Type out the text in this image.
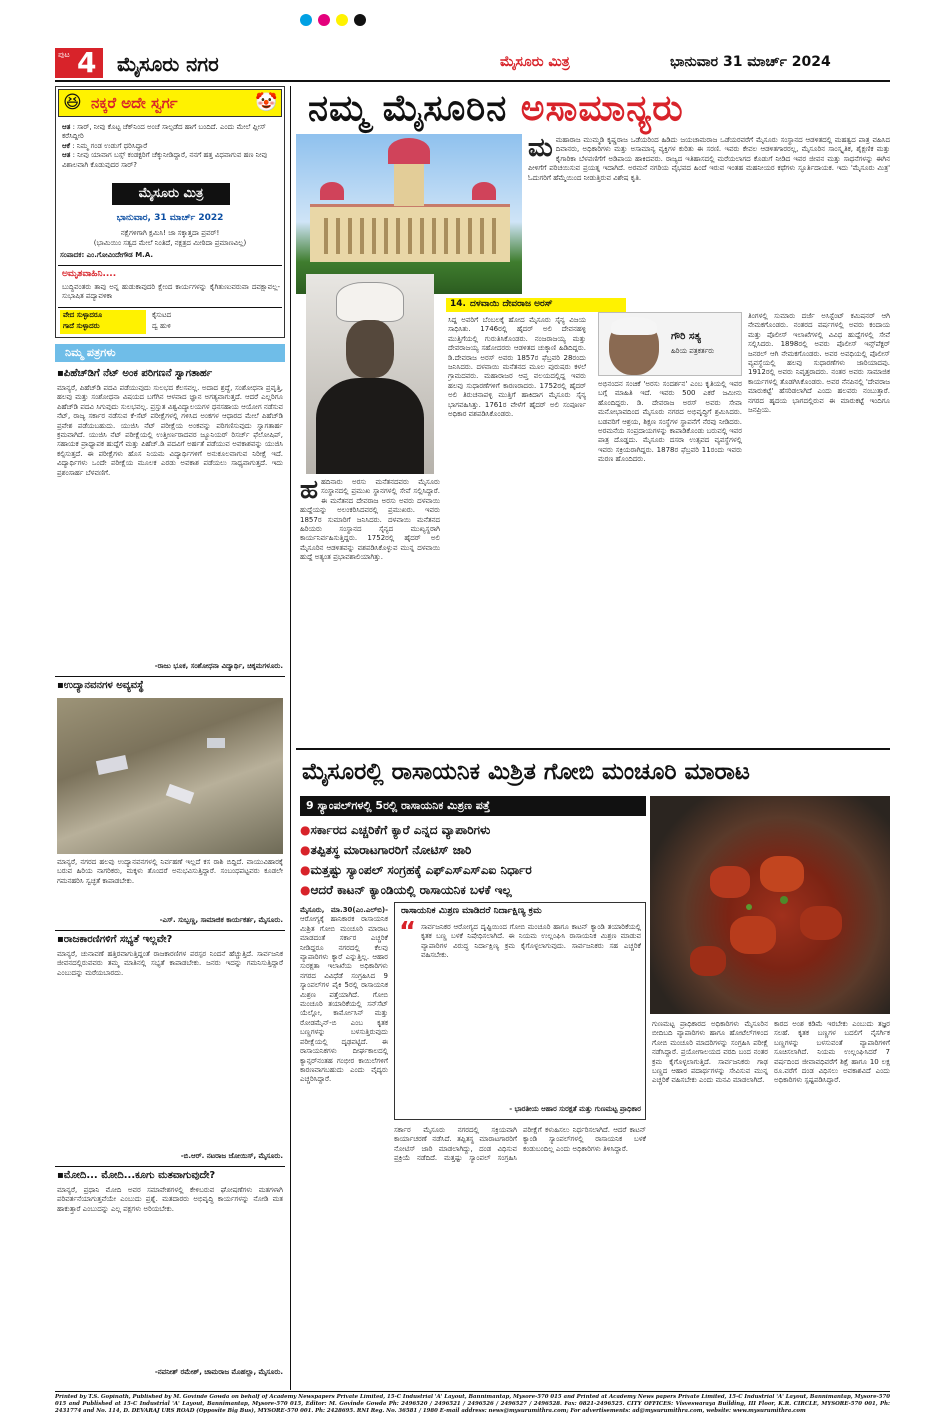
ಪುಟ 4 ಮೈಸೂರು ನಗರ	ಮೈಸೂರು ಮಿತ್ರ	ಭಾನುವಾರ 31 ಮಾರ್ಚ್ 2024
😆 ನಕ್ಕರೆ ಅದೇ ಸ್ವರ್ಗ	🤡
ಆತ : ಸಾರ್, ನೀವು ಕೊಟ್ಟ ಚೆಕ್‌ನಿಂದ ಅಂಚೆ ಸಾಲ್ಪಡೆದ ಹಾಗೆ ಬಂದಿದೆ. ಎಂದು ಮೇಲೆ ಪ್ಲೀಸ್ ಕರೆಸಿದ್ದೀರಿ
ಆಕೆ : ನಿಮ್ಮ ಗಂಡ ಉಡುಗೆ ಧರಿಸಿದ್ದಾರೆ
ಆತ : ನೀವು ಯಾವಾಗ ಬಸ್ಸ್ ಕಂಡಕ್ಟರಿಗೆ ಚೆಕ್ಕುನೀಡಿದ್ದಾರೆ, ನನಗೆ ಹತ್ತ ವಿಧವಾಗುವ ಹಣ ನೀವು ವಿಶಾಲವಾಗಿ ಕೊಡುವುದರ ಸಾರ್?
ಮೈಸೂರು ಮಿತ್ರ
ಭಾನುವಾರ, 31 ಮಾರ್ಚ್ 2022
ನಕ್ಷೆಗಳಿಗಾಗಿ ಕ್ಷಮಿಸಿ! ಜಾ ಸಕ್ಕಾತ್ತದಾ ಪ್ರವರ್!
(ಭಾಮಿಯಿಂ ಸತ್ವದ ಮೇಲೆ ನಿಂತಿದೆ, ನಕ್ಷತ್ರದ ಮೀಠಿದಾ ಪ್ರಮಾಣವಿಲ್ಲ)
ಸಂಪಾದಕ: ಎಂ.ಗೋವಿಂದೇಗೌಡ M.A.
ಅಮೃತವಾಹಿನಿ....
ಬುದ್ಧಿವಂತರು ತಾವು ಅನ್ನ ಹುಡುಕಾವುದರಿ ಕ್ಷೇಂದ ಕಾರ್ಯಗಳನ್ನು ಕೈಗಿತುಣುವರುವಾ ದವಕ್ಷಾವಲ್ಲ-ಸುಭಾಷಿತ ಪದ್ಯಾವಳಿಕಾ
ವೇದ ಸುಳ್ಳಾದರೂ
ಗಾದೆ ಸುಳ್ಳಾದರು
ಕೈಸುಟದ
ದ್ವ ಹುಳಿ
ನಿಮ್ಮ ಪತ್ರಗಳು
▪ಪಿಹೆಚ್‌ಡಿಗೆ ನೆಟ್ ಅಂಕ ಪರಿಗಣನೆ ಸ್ವಾಗತಾರ್ಹ
ಮಾನ್ಯರೆ, ಪಿಹೆಚ್‌ಡಿ ಪದವಿ ಪಡೆಯುವುದು ಸುಲಭದ ಕೆಲಸವಲ್ಲ. ಅದಾದ ಶ್ರದ್ಧೆ, ಸಂಶೋಧನಾ ಪ್ರವೃತ್ತಿ, ಹಲವು ಮತ್ತು ಸಂಶೋಧನಾ ವಿಷಯದ ಬಗೆಗಿನ ಆಳವಾದ ಜ್ಞಾನ ಅಗತ್ಯವಾಗುತ್ತದೆ. ಆದರೆ ಎಲ್ಲರಿಗೂ ಪಿಹೆಚ್‌ಡಿ ಪದವಿ ಸಿಗುವುದು ಸುಲಭವಲ್ಲ. ಪ್ರಸ್ತುತ ವಿಶ್ವವಿದ್ಯಾಲಯಗಳ ಧನಸಹಾಯ ಆಯೋಗ ನಡೆಸುವ ನೆಟ್, ರಾಜ್ಯ ಸರ್ಕಾರ ನಡೆಸುವ ಕೆ-ಸೆಟ್ ಪರೀಕ್ಷೆಗಳಲ್ಲಿ ಗಳಿಸಿದ ಅಂಕಗಳ ಆಧಾರದ ಮೇಲೆ ಪಿಹೆಚ್‌ಡಿ ಪ್ರವೇಶ ಪಡೆಯಬಹುದು. ಯುಜಿಸಿ ನೆಟ್ ಪರೀಕ್ಷೆಯ ಅಂಕವನ್ನು ಪರಿಗಣಿಸುವುದು ಸ್ವಾಗತಾರ್ಹ ಕ್ರಮವಾಗಿದೆ. ಯುಜಿಸಿ ನೆಟ್ ಪರೀಕ್ಷೆಯಲ್ಲಿ ಉತ್ತೀರ್ಣರಾದವರ ಜ್ಯೂನಿಯರ್ ರಿಸರ್ಚ್ ಫೆಲೋಷಿಪ್, ಸಹಾಯಕ ಪ್ರಾಧ್ಯಾಪಕ ಹುದ್ದೆಗೆ ಮತ್ತು ಪಿಹೆಚ್.ಡಿ ಪದವಿಗೆ ಅರ್ಹತೆ ಪಡೆಯುವ ಅವಕಾಶವನ್ನು ಯುಜಿಸಿ ಕಲ್ಪಿಸುತ್ತದೆ. ಈ ಪರೀಕ್ಷೆಗಳು ಹೊಸ ನಿಯಮ ವಿದ್ಯಾರ್ಥಿಗಳಿಗೆ ಅನುಕೂಲವಾಗುವ ನಿರೀಕ್ಷೆ ಇದೆ. ವಿದ್ಯಾರ್ಥಿಗಳು ಒಂದೇ ಪರೀಕ್ಷೆಯ ಮೂಲಕ ಎರಡು ಅವಕಾಶ ಪಡೆಯಲು ಸಾಧ್ಯವಾಗುತ್ತದೆ. ಇದು ಪ್ರಶಂಸಾರ್ಹ ಬೆಳವಣಿಗೆ.
-ರಾಜು ಭೂಕ, ಸಂಶೋಧನಾ ವಿದ್ಯಾರ್ಥಿ, ಚಿಕ್ಕಮಗಳೂರು.
▪ಉದ್ಯಾನವನಗಳ ಅವ್ಯವಸ್ಥೆ
ಮಾನ್ಯರೆ, ನಗರದ ಹಲವು ಉದ್ಯಾನವನಗಳಲ್ಲಿ ನಿರ್ವಹಣೆ ಇಲ್ಲದೆ ಕಸ ರಾಶಿ ಬಿದ್ದಿದೆ. ವಾಯುವಿಹಾರಕ್ಕೆ ಬರುವ ಹಿರಿಯ ನಾಗರಿಕರು, ಮಕ್ಕಳು ತೊಂದರೆ ಅನುಭವಿಸುತ್ತಿದ್ದಾರೆ. ಸಂಬಂಧಪಟ್ಟವರು ಕೂಡಲೇ ಗಮನಹರಿಸಿ ಸ್ವಚ್ಛತೆ ಕಾಪಾಡಬೇಕು.
-ಎಸ್. ಸುಬ್ಬಣ್ಣ, ಸಾಮಾಜಿಕ ಕಾರ್ಯಕರ್ತ, ಮೈಸೂರು.
▪ರಾಜಕಾರಣಿಗಳಿಗೆ ಸಭ್ಯತೆ ಇಲ್ಲವೇ?
ಮಾನ್ಯರೆ, ಚುನಾವಣೆ ಹತ್ತಿರವಾಗುತ್ತಿದ್ದಂತೆ ರಾಜಕಾರಣಿಗಳ ಪರಸ್ಪರ ನಿಂದನೆ ಹೆಚ್ಚುತ್ತಿದೆ. ಸಾರ್ವಜನಿಕ ಜೀವನದಲ್ಲಿರುವವರು ತಮ್ಮ ಮಾತಿನಲ್ಲಿ ಸಭ್ಯತೆ ಕಾಪಾಡಬೇಕು. ಜನರು ಇದನ್ನು ಗಮನಿಸುತ್ತಿದ್ದಾರೆ ಎಂಬುದನ್ನು ಮರೆಯಬಾರದು.
-ಬಿ.ಆರ್. ನಟರಾಜ ಜೋಯಿಸ್, ಮೈಸೂರು.
▪ಮೋದಿ... ಮೋದಿ...ಕೂಗು ಮತವಾಗುವುದೇ?
ಮಾನ್ಯರೆ, ಪ್ರಧಾನಿ ಮೋದಿ ಅವರ ಸಮಾವೇಶಗಳಲ್ಲಿ ಕೇಳಿಬರುವ ಘೋಷಣೆಗಳು ಮತಗಳಾಗಿ ಪರಿವರ್ತನೆಯಾಗುತ್ತವೆಯೇ ಎಂಬುದು ಪ್ರಶ್ನೆ. ಮತದಾರರು ಅಭಿವೃದ್ಧಿ ಕಾರ್ಯಗಳನ್ನು ನೋಡಿ ಮತ ಹಾಕುತ್ತಾರೆ ಎಂಬುದನ್ನು ಎಲ್ಲ ಪಕ್ಷಗಳು ಅರಿಯಬೇಕು.
-ನವನೀತ್ ರಮೇಶ್, ಚಾಮರಾಜ ಮೊಹಲ್ಲಾ, ಮೈಸೂರು.
ನಮ್ಮ ಮೈಸೂರಿನ ಅಸಾಮಾನ್ಯರು
ಮಮಹಾರಾಜ ಮುಮ್ಮಡಿ ಕೃಷ್ಣರಾಜ ಒಡೆಯರಿಂದ ಹಿಡಿದು ಜಯಚಾಮರಾಜ ಒಡೆಯರವರೆಗೆ ಮೈಸೂರು ಸಂಸ್ಥಾನದ ಆಡಳಿತದಲ್ಲಿ ಮಹತ್ವದ ಪಾತ್ರ ವಹಿಸಿದ ದಿವಾನರು, ಅಧಿಕಾರಿಗಳು ಮತ್ತು ಅಸಾಮಾನ್ಯ ವ್ಯಕ್ತಿಗಳ ಕುರಿತು ಈ ಸರಣಿ. ಇವರು ಕೇವಲ ಆಡಳಿತಗಾರರಲ್ಲ, ಮೈಸೂರಿನ ಸಾಂಸ್ಕೃತಿಕ, ಶೈಕ್ಷಣಿಕ ಮತ್ತು ಕೈಗಾರಿಕಾ ಬೆಳವಣಿಗೆಗೆ ಅಡಿಪಾಯ ಹಾಕಿದವರು. ರಾಜ್ಯದ ಇತಿಹಾಸದಲ್ಲಿ ಮರೆಯಲಾಗದ ಕೊಡುಗೆ ನೀಡಿದ ಇವರ ಜೀವನ ಮತ್ತು ಸಾಧನೆಗಳನ್ನು ಈಗಿನ ಪೀಳಿಗೆಗೆ ಪರಿಚಯಿಸುವ ಪ್ರಯತ್ನ ಇದಾಗಿದೆ. ಅರಮನೆ ನಗರಿಯ ವೈಭವದ ಹಿಂದೆ ಇರುವ ಇಂತಹ ಮಹನೀಯರ ಕಥೆಗಳು ಸ್ಫೂರ್ತಿದಾಯಕ. ಇದು 'ಮೈಸೂರು ಮಿತ್ರ' ಓದುಗರಿಗೆ ಹೆಮ್ಮೆಯಿಂದ ನೀಡುತ್ತಿರುವ ವಿಶೇಷ ಕೃತಿ.
14. ದಳವಾಯಿ ದೇವರಾಜ ಅರಸ್
ಹಹದಿನಾರು ಅರಸು ಮನೆತನದವರು ಮೈಸೂರು ಸಂಸ್ಥಾನದಲ್ಲಿ ಪ್ರಮುಖ ಸ್ಥಾನಗಳಲ್ಲಿ ಸೇವೆ ಸಲ್ಲಿಸಿದ್ದಾರೆ. ಈ ಮನೆತನದ ದೇವರಾಜ ಅರಸು ಅವರು ದಳವಾಯಿ ಹುದ್ದೆಯನ್ನು ಅಲಂಕರಿಸಿದವರಲ್ಲಿ ಪ್ರಮುಖರು. ಇವರು 1857ರ ಸುಮಾರಿಗೆ ಜನಿಸಿದರು. ದಳವಾಯಿ ಮನೆತನದ ಹಿರಿಯರು ಸಂಸ್ಥಾನದ ಸೈನ್ಯದ ಮುಖ್ಯಸ್ಥರಾಗಿ ಕಾರ್ಯನಿರ್ವಹಿಸುತ್ತಿದ್ದರು. 1752ರಲ್ಲಿ ಹೈದರ್ ಅಲಿ ಮೈಸೂರಿನ ಆಡಳಿತವನ್ನು ವಶಪಡಿಸಿಕೊಳ್ಳುವ ಮುನ್ನ ದಳವಾಯಿ ಹುದ್ದೆ ಅತ್ಯಂತ ಪ್ರಭಾವಶಾಲಿಯಾಗಿತ್ತು.
ಸಿದ್ದ ಅವರಿಗೆ ಬೆಂಬಲಕ್ಕೆ ಹೋದ ಮೈಸೂರು ಸೈನ್ಯ ವಿಜಯ ಸಾಧಿಸಿತು. 1746ರಲ್ಲಿ ಹೈದರ್ ಅಲಿ ದೇವನಹಳ್ಳಿ ಮುತ್ತಿಗೆಯಲ್ಲಿ ಗುರುತಿಸಿಕೊಂಡರು. ನಂಜರಾಜಯ್ಯ ಮತ್ತು ದೇವರಾಜಯ್ಯ ಸಹೋದರರು ಆಡಳಿತದ ಚುಕ್ಕಾಣಿ ಹಿಡಿದಿದ್ದರು. ಡಿ.ದೇವರಾಜ ಅರಸ್ ಅವರು 1857ರ ಫೆಬ್ರವರಿ 28ರಂದು ಜನಿಸಿದರು. ದಳವಾಯಿ ಮನೆತನದ ಮೂಲ ಪುರುಷರು ಕಳಲೆ ಗ್ರಾಮದವರು. ಮಹಾರಾಜರ ಆಪ್ತ ವಲಯದಲ್ಲಿದ್ದ ಇವರು ಹಲವು ಸುಧಾರಣೆಗಳಿಗೆ ಕಾರಣರಾದರು. 1752ರಲ್ಲಿ ಹೈದರ್ ಅಲಿ ತಿರುಚನಾಪಳ್ಳಿ ಮುತ್ತಿಗೆ ಹಾಕಿದಾಗ ಮೈಸೂರು ಸೈನ್ಯ ಭಾಗವಹಿಸಿತ್ತು. 1761ರ ವೇಳೆಗೆ ಹೈದರ್ ಅಲಿ ಸಂಪೂರ್ಣ ಅಧಿಕಾರ ವಶಪಡಿಸಿಕೊಂಡರು.
ಗೌರಿ ಸತ್ಯ
ಹಿರಿಯ ಪತ್ರಕರ್ತರು
ಅಭಿನಂದನ ಸಂಚಿಕೆ 'ಅರಸು ಸಂದರ್ಶನ' ಎಂಬ ಕೃತಿಯಲ್ಲಿ ಇವರ ಬಗ್ಗೆ ಮಾಹಿತಿ ಇದೆ. ಇವರು 500 ಎಕರೆ ಜಮೀನು ಹೊಂದಿದ್ದರು. ಡಿ. ದೇವರಾಜ ಅರಸ್ ಅವರು ಸೇವಾ ಮನೋಭಾವದಿಂದ ಮೈಸೂರು ನಗರದ ಅಭಿವೃದ್ಧಿಗೆ ಶ್ರಮಿಸಿದರು. ಬಡವರಿಗೆ ಆಶ್ರಯ, ಶಿಕ್ಷಣ ಸಂಸ್ಥೆಗಳ ಸ್ಥಾಪನೆಗೆ ನೆರವು ನೀಡಿದರು. ಅರಮನೆಯ ಸಂಪ್ರದಾಯಗಳನ್ನು ಕಾಪಾಡಿಕೊಂಡು ಬರುವಲ್ಲಿ ಇವರ ಪಾತ್ರ ದೊಡ್ಡದು. ಮೈಸೂರು ದಸರಾ ಉತ್ಸವದ ವ್ಯವಸ್ಥೆಗಳಲ್ಲಿ ಇವರು ಸಕ್ರಿಯರಾಗಿದ್ದರು. 1878ರ ಫೆಬ್ರವರಿ 11ರಂದು ಇವರು ಮರಣ ಹೊಂದಿದರು.
ತಿಂಗಳಲ್ಲಿ ಸುಮಾರು ದರ್ಜೆ ಅಸಿಸ್ಟೆಂಟ್ ಕಮಿಷನರ್ ಆಗಿ ನೇಮಕಗೊಂಡರು. ನಂತರದ ವರ್ಷಗಳಲ್ಲಿ ಅವರು ಕಂದಾಯ ಮತ್ತು ಪೊಲೀಸ್ ಇಲಾಖೆಗಳಲ್ಲಿ ವಿವಿಧ ಹುದ್ದೆಗಳಲ್ಲಿ ಸೇವೆ ಸಲ್ಲಿಸಿದರು. 1898ರಲ್ಲಿ ಅವರು ಪೊಲೀಸ್ ಇನ್ಸ್‌ಪೆಕ್ಟರ್ ಜನರಲ್ ಆಗಿ ನೇಮಕಗೊಂಡರು. ಅವರ ಅವಧಿಯಲ್ಲಿ ಪೊಲೀಸ್ ವ್ಯವಸ್ಥೆಯಲ್ಲಿ ಹಲವು ಸುಧಾರಣೆಗಳು ಜಾರಿಯಾದವು. 1912ರಲ್ಲಿ ಅವರು ನಿವೃತ್ತರಾದರು. ನಂತರ ಅವರು ಸಾಮಾಜಿಕ ಕಾರ್ಯಗಳಲ್ಲಿ ತೊಡಗಿಸಿಕೊಂಡರು. ಅವರ ನೆನಪಿನಲ್ಲಿ 'ದೇವರಾಜ ಮಾರುಕಟ್ಟೆ' ಹೆಸರಿಡಲಾಗಿದೆ ಎಂದು ಹಲವರು ನಂಬುತ್ತಾರೆ. ನಗರದ ಹೃದಯ ಭಾಗದಲ್ಲಿರುವ ಈ ಮಾರುಕಟ್ಟೆ ಇಂದಿಗೂ ಜನಪ್ರಿಯ.
ಮೈಸೂರಲ್ಲಿ ರಾಸಾಯನಿಕ ಮಿಶ್ರಿತ ಗೋಬಿ ಮಂಚೂರಿ ಮಾರಾಟ
9 ಸ್ಯಾಂಪಲ್‌ಗಳಲ್ಲಿ 5ರಲ್ಲಿ ರಾಸಾಯನಿಕ ಮಿಶ್ರಣ ಪತ್ತೆ
●ಸರ್ಕಾರದ ಎಚ್ಚರಿಕೆಗೆ ಕ್ಯಾರೆ ಎನ್ನದ ವ್ಯಾಪಾರಿಗಳು
●ತಪ್ಪಿತಸ್ಥ ಮಾರಾಟಗಾರರಿಗೆ ನೋಟಿಸ್ ಜಾರಿ
●ಮತ್ತಷ್ಟು ಸ್ಯಾಂಪಲ್ ಸಂಗ್ರಹಕ್ಕೆ ಎಫ್‌ಎಸ್‌ಎಸ್‌ಎಐ ನಿರ್ಧಾರ
●ಆದರೆ ಕಾಟನ್ ಕ್ಯಾಂಡಿಯಲ್ಲಿ ರಾಸಾಯನಿಕ ಬಳಕೆ ಇಲ್ಲ
ಮೈಸೂರು, ಮಾ.30(ಎಂ.ಎಲ್‌ಬಿ)- ಆರೋಗ್ಯಕ್ಕೆ ಹಾನಿಕಾರಕ ರಾಸಾಯನಿಕ ಮಿಶ್ರಿತ ಗೋಬಿ ಮಂಚೂರಿ ಮಾರಾಟ ಮಾಡದಂತೆ ಸರ್ಕಾರ ಎಚ್ಚರಿಕೆ ನೀಡಿದ್ದರೂ ನಗರದಲ್ಲಿ ಕೆಲವು ವ್ಯಾಪಾರಿಗಳು ಕ್ಯಾರೆ ಎನ್ನುತ್ತಿಲ್ಲ. ಆಹಾರ ಸುರಕ್ಷತಾ ಇಲಾಖೆಯ ಅಧಿಕಾರಿಗಳು ನಗರದ ವಿವಿಧೆಡೆ ಸಂಗ್ರಹಿಸಿದ 9 ಸ್ಯಾಂಪಲ್‌ಗಳ ಪೈಕಿ 5ರಲ್ಲಿ ರಾಸಾಯನಿಕ ಮಿಶ್ರಣ ಪತ್ತೆಯಾಗಿದೆ. ಗೋಬಿ ಮಂಚೂರಿ ತಯಾರಿಕೆಯಲ್ಲಿ ಸನ್‌ಸೆಟ್ ಯೆಲ್ಲೋ, ಕಾರ್ಮೋಸಿನ್ ಮತ್ತು ರೋಡಮೈನ್-ಬಿ ಎಂಬ ಕೃತಕ ಬಣ್ಣಗಳನ್ನು ಬಳಸುತ್ತಿರುವುದು ಪರೀಕ್ಷೆಯಲ್ಲಿ ದೃಢಪಟ್ಟಿದೆ. ಈ ರಾಸಾಯನಿಕಗಳು ದೀರ್ಘಕಾಲದಲ್ಲಿ ಕ್ಯಾನ್ಸರ್‌ನಂತಹ ಗಂಭೀರ ಕಾಯಿಲೆಗಳಿಗೆ ಕಾರಣವಾಗಬಹುದು ಎಂದು ವೈದ್ಯರು ಎಚ್ಚರಿಸಿದ್ದಾರೆ.
ರಾಸಾಯನಿಕ ಮಿಶ್ರಣ ಮಾಡಿದರೆ ನಿರ್ದಾಕ್ಷಿಣ್ಯ ಕ್ರಮ
“ ಸಾರ್ವಜನಿಕರ ಆರೋಗ್ಯದ ದೃಷ್ಟಿಯಿಂದ ಗೋಬಿ ಮಂಚೂರಿ ಹಾಗೂ ಕಾಟನ್ ಕ್ಯಾಂಡಿ ತಯಾರಿಕೆಯಲ್ಲಿ ಕೃತಕ ಬಣ್ಣ ಬಳಕೆ ನಿಷೇಧಿಸಲಾಗಿದೆ. ಈ ನಿಯಮ ಉಲ್ಲಂಘಿಸಿ ರಾಸಾಯನಿಕ ಮಿಶ್ರಣ ಮಾಡುವ ವ್ಯಾಪಾರಿಗಳ ವಿರುದ್ಧ ನಿರ್ದಾಕ್ಷಿಣ್ಯ ಕ್ರಮ ಕೈಗೊಳ್ಳಲಾಗುವುದು. ಸಾರ್ವಜನಿಕರು ಸಹ ಎಚ್ಚರಿಕೆ ವಹಿಸಬೇಕು.
- ಭಾರತೀಯ ಆಹಾರ ಸುರಕ್ಷತೆ ಮತ್ತು ಗುಣಮಟ್ಟ ಪ್ರಾಧಿಕಾರ
ಸರ್ಕಾರ ಮೈಸೂರು ನಗರದಲ್ಲಿ ಸಕ್ರಿಯವಾಗಿ ಕಾರ್ಯಾಚರಣೆ ನಡೆಸಿದೆ. ತಪ್ಪಿತಸ್ಥ ಮಾರಾಟಗಾರರಿಗೆ ನೋಟಿಸ್ ಜಾರಿ ಮಾಡಲಾಗಿದ್ದು, ದಂಡ ವಿಧಿಸುವ ಪ್ರಕ್ರಿಯೆ ನಡೆದಿದೆ. ಮತ್ತಷ್ಟು ಸ್ಯಾಂಪಲ್ ಸಂಗ್ರಹಿಸಿ ಪರೀಕ್ಷೆಗೆ ಕಳುಹಿಸಲು ನಿರ್ಧರಿಸಲಾಗಿದೆ. ಆದರೆ ಕಾಟನ್ ಕ್ಯಾಂಡಿ ಸ್ಯಾಂಪಲ್‌ಗಳಲ್ಲಿ ರಾಸಾಯನಿಕ ಬಳಕೆ ಕಂಡುಬಂದಿಲ್ಲ ಎಂದು ಅಧಿಕಾರಿಗಳು ತಿಳಿಸಿದ್ದಾರೆ.
ಗುಣಮಟ್ಟ ಪ್ರಾಧಿಕಾರದ ಅಧಿಕಾರಿಗಳು ಮೈಸೂರಿನ ಬೀದಿಬದಿ ವ್ಯಾಪಾರಿಗಳು ಹಾಗೂ ಹೋಟೆಲ್‌ಗಳಿಂದ ಗೋಬಿ ಮಂಚೂರಿ ಮಾದರಿಗಳನ್ನು ಸಂಗ್ರಹಿಸಿ ಪರೀಕ್ಷೆ ನಡೆಸಿದ್ದಾರೆ. ಪ್ರಯೋಗಾಲಯದ ವರದಿ ಬಂದ ನಂತರ ಕ್ರಮ ಕೈಗೊಳ್ಳಲಾಗುತ್ತಿದೆ. ಸಾರ್ವಜನಿಕರು ಗಾಢ ಬಣ್ಣದ ಆಹಾರ ಪದಾರ್ಥಗಳನ್ನು ಸೇವಿಸುವ ಮುನ್ನ ಎಚ್ಚರಿಕೆ ವಹಿಸಬೇಕು ಎಂದು ಮನವಿ ಮಾಡಲಾಗಿದೆ.
ಕಾರದ ಅಂಶ ಕಡಿಮೆ ಇರಬೇಕು ಎಂಬುದು ತಜ್ಞರ ಸಲಹೆ. ಕೃತಕ ಬಣ್ಣಗಳ ಬದಲಿಗೆ ನೈಸರ್ಗಿಕ ಬಣ್ಣಗಳನ್ನು ಬಳಸುವಂತೆ ವ್ಯಾಪಾರಿಗಳಿಗೆ ಸೂಚಿಸಲಾಗಿದೆ. ನಿಯಮ ಉಲ್ಲಂಘಿಸಿದರೆ 7 ವರ್ಷದಿಂದ ಜೀವಾವಧಿವರೆಗೆ ಶಿಕ್ಷೆ ಹಾಗೂ 10 ಲಕ್ಷ ರೂ.ವರೆಗೆ ದಂಡ ವಿಧಿಸಲು ಅವಕಾಶವಿದೆ ಎಂದು ಅಧಿಕಾರಿಗಳು ಸ್ಪಷ್ಟಪಡಿಸಿದ್ದಾರೆ.
Printed by T.S. Gopinath, Published by M. Govinde Gowda on behalf of Academy Newspapers Private Limited, 15-C Industrial 'A' Layout, Bannimantap, Mysore-570 015 and Printed at Academy News papers Private Limited, 15-C Industrial 'A' Layout, Bannimantap, Mysore-570 015 and Published at 15-C Industrial 'A' Layout, Bannimantap, Mysore-570 015, Editor: M. Govinde Gowda Ph: 2496520 / 2496521 / 2496526 / 2496527 / 2496528. Fax: 0821-2496525. CITY OFFICES: Visveswaraya Building, III Floor, K.R. CIRCLE, MYSORE-570 001, Ph: 2431774 and No. 114, D. DEVARAJ URS ROAD (Opposite Big Bus), MYSORE-570 001. Ph: 2428695. RNI Reg. No. 36581 / 1980 E-mail address: news@mysurumithra.com; For advertisements: ad@mysurumithra.com, website: www.mysurumithra.com
